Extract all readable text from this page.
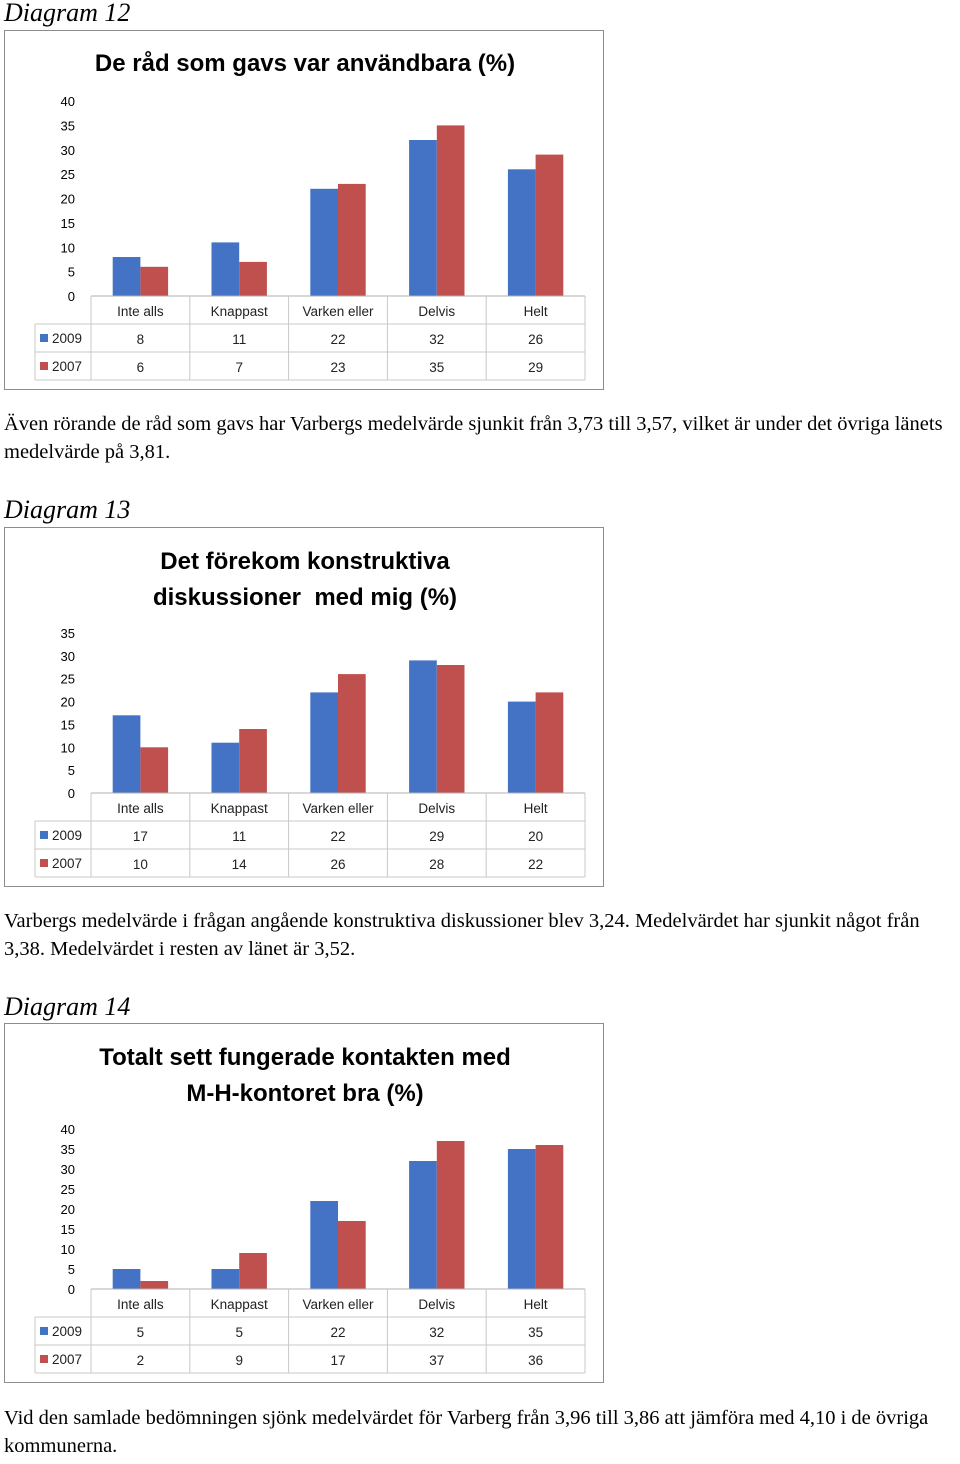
Diagram 12
De råd som gavs var användbara (%)
0
5
10
15
20
25
30
35
40
Inte alls	Knappast	Varken eller	Delvis	Helt
2009	8	11	22	32	26
2007	6	7	23	35	29

Även rörande de råd som gavs har Varbergs medelvärde sjunkit från 3,73 till 3,57, vilket är under det övriga länets medelvärde på 3,81.

Diagram 13
Det förekom konstruktiva
diskussioner  med mig (%)
0
5
10
15
20
25
30
35
Inte alls	Knappast	Varken eller	Delvis	Helt
2009	17	11	22	29	20
2007	10	14	26	28	22

Varbergs medelvärde i frågan angående konstruktiva diskussioner blev 3,24. Medelvärdet har sjunkit något från 3,38. Medelvärdet i resten av länet är 3,52.

Diagram 14
Totalt sett fungerade kontakten med
M-H-kontoret bra (%)
0
5
10
15
20
25
30
35
40
Inte alls	Knappast	Varken eller	Delvis	Helt
2009	5	5	22	32	35
2007	2	9	17	37	36

Vid den samlade bedömningen sjönk medelvärdet för Varberg från 3,96 till 3,86 att jämföra med 4,10 i de övriga kommunerna.
